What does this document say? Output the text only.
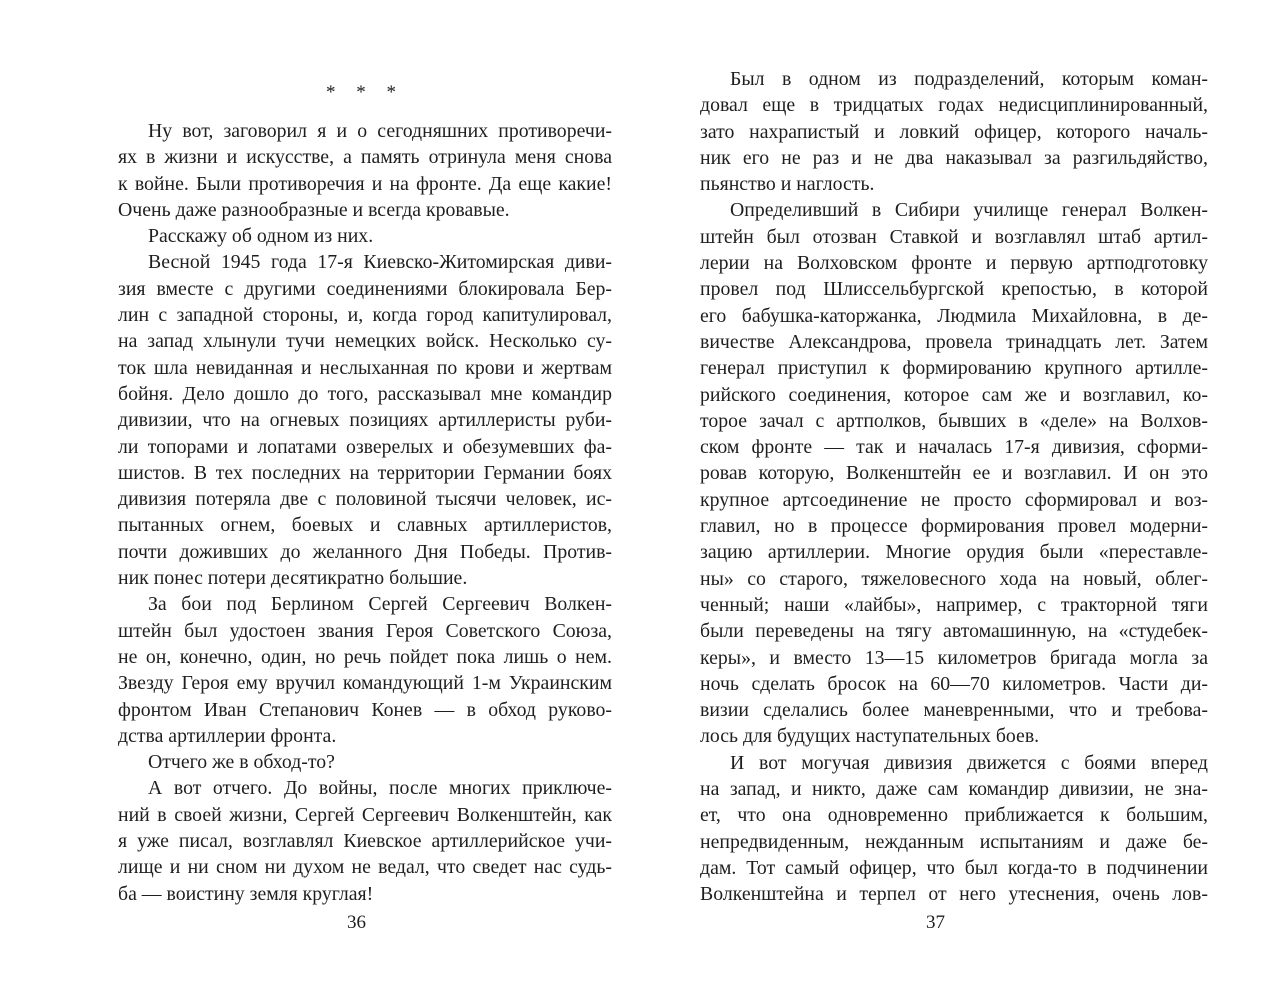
* * *
Ну вот, заговорил я и о сегодняшних противоречи-
ях в жизни и искусстве, а память отринула меня снова
к войне. Были противоречия и на фронте. Да еще какие!
Очень даже разнообразные и всегда кровавые.
Расскажу об одном из них.
Весной 1945 года 17-я Киевско-Житомирская диви-
зия вместе с другими соединениями блокировала Бер-
лин с западной стороны, и, когда город капитулировал,
на запад хлынули тучи немецких войск. Несколько су-
ток шла невиданная и неслыханная по крови и жертвам
бойня. Дело дошло до того, рассказывал мне командир
дивизии, что на огневых позициях артиллеристы руби-
ли топорами и лопатами озверелых и обезумевших фа-
шистов. В тех последних на территории Германии боях
дивизия потеряла две с половиной тысячи человек, ис-
пытанных огнем, боевых и славных артиллеристов,
почти доживших до желанного Дня Победы. Против-
ник понес потери десятикратно большие.
За бои под Берлином Сергей Сергеевич Волкен-
штейн был удостоен звания Героя Советского Союза,
не он, конечно, один, но речь пойдет пока лишь о нем.
Звезду Героя ему вручил командующий 1-м Украинским
фронтом Иван Степанович Конев — в обход руково-
дства артиллерии фронта.
Отчего же в обход-то?
А вот отчего. До войны, после многих приключе-
ний в своей жизни, Сергей Сергеевич Волкенштейн, как
я уже писал, возглавлял Киевское артиллерийское учи-
лище и ни сном ни духом не ведал, что сведет нас судь-
ба — воистину земля круглая!
36
Был в одном из подразделений, которым коман-
довал еще в тридцатых годах недисциплинированный,
зато нахрапистый и ловкий офицер, которого началь-
ник его не раз и не два наказывал за разгильдяйство,
пьянство и наглость.
Определивший в Сибири училище генерал Волкен-
штейн был отозван Ставкой и возглавлял штаб артил-
лерии на Волховском фронте и первую артподготовку
провел под Шлиссельбургской крепостью, в которой
его бабушка-каторжанка, Людмила Михайловна, в де-
вичестве Александрова, провела тринадцать лет. Затем
генерал приступил к формированию крупного артилле-
рийского соединения, которое сам же и возглавил, ко-
торое зачал с артполков, бывших в «деле» на Волхов-
ском фронте — так и началась 17-я дивизия, сформи-
ровав которую, Волкенштейн ее и возглавил. И он это
крупное артсоединение не просто сформировал и воз-
главил, но в процессе формирования провел модерни-
зацию артиллерии. Многие орудия были «переставле-
ны» со старого, тяжеловесного хода на новый, облег-
ченный; наши «лайбы», например, с тракторной тяги
были переведены на тягу автомашинную, на «студебек-
керы», и вместо 13—15 километров бригада могла за
ночь сделать бросок на 60—70 километров. Части ди-
визии сделались более маневренными, что и требова-
лось для будущих наступательных боев.
И вот могучая дивизия движется с боями вперед
на запад, и никто, даже сам командир дивизии, не зна-
ет, что она одновременно приближается к большим,
непредвиденным, нежданным испытаниям и даже бе-
дам. Тот самый офицер, что был когда-то в подчинении
Волкенштейна и терпел от него утеснения, очень лов-
37
